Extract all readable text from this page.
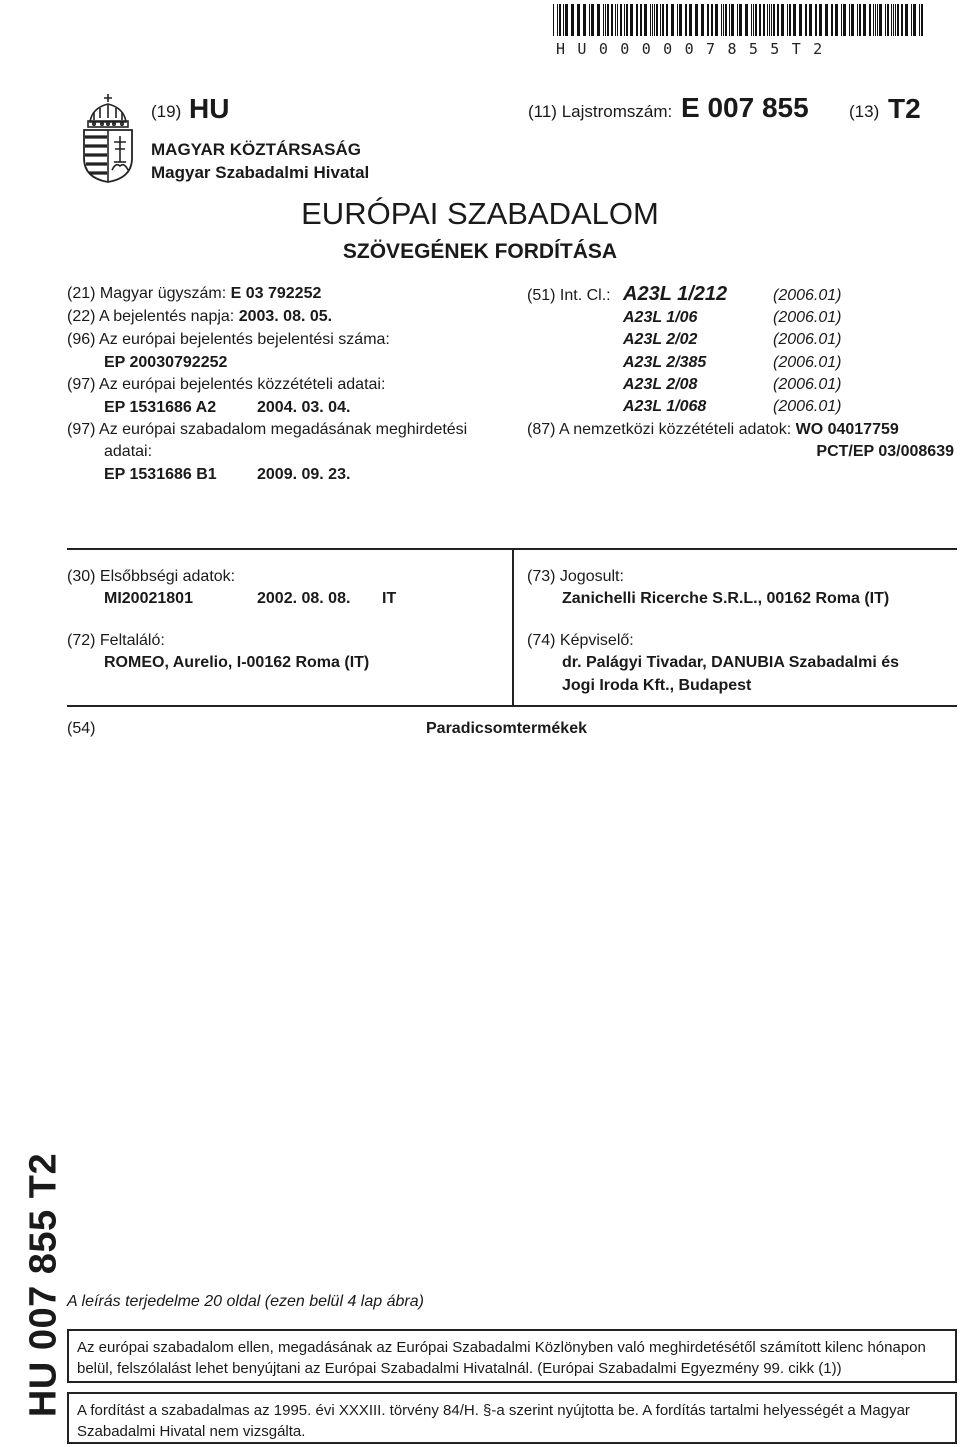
HU000007855T2
(19) HU	(11) Lajstromszám: E 007 855 (13) T2
MAGYAR KÖZTÁRSASÁG
Magyar Szabadalmi Hivatal
EURÓPAI SZABADALOM
SZÖVEGÉNEK FORDÍTÁSA
(21) Magyar ügyszám: E 03 792252
(22) A bejelentés napja: 2003. 08. 05.
(96) Az európai bejelentés bejelentési száma:
EP 20030792252
(97) Az európai bejelentés közzétételi adatai:
EP 1531686 A2	2004. 03. 04.
(97) Az európai szabadalom megadásának meghirdetési
adatai:
EP 1531686 B1	2009. 09. 23.
(51) Int. Cl.: A23L 1/212	(2006.01)
A23L 1/06	(2006.01)
A23L 2/02	(2006.01)
A23L 2/385	(2006.01)
A23L 2/08	(2006.01)
A23L 1/068	(2006.01)
(87) A nemzetközi közzétételi adatok: WO 04017759
PCT/EP 03/008639
(30) Elsőbbségi adatok:
MI20021801	2002. 08. 08. IT
(72) Feltaláló:
ROMEO, Aurelio, I-00162 Roma (IT)
(73) Jogosult:
Zanichelli Ricerche S.R.L., 00162 Roma (IT)
(74) Képviselő:
dr. Palágyi Tivadar, DANUBIA Szabadalmi és
Jogi Iroda Kft., Budapest
(54)	Paradicsomtermékek
HU 007 855 T2 A leírás terjedelme 20 oldal (ezen belül 4 lap ábra)
Az európai szabadalom ellen, megadásának az Európai Szabadalmi Közlönyben való meghirdetésétől számított kilenc hónapon belül, felszólalást lehet benyújtani az Európai Szabadalmi Hivatalnál. (Európai Szabadalmi Egyezmény 99. cikk (1))
A fordítást a szabadalmas az 1995. évi XXXIII. törvény 84/H. §-a szerint nyújtotta be. A fordítás tartalmi helyességét a Magyar Szabadalmi Hivatal nem vizsgálta.
